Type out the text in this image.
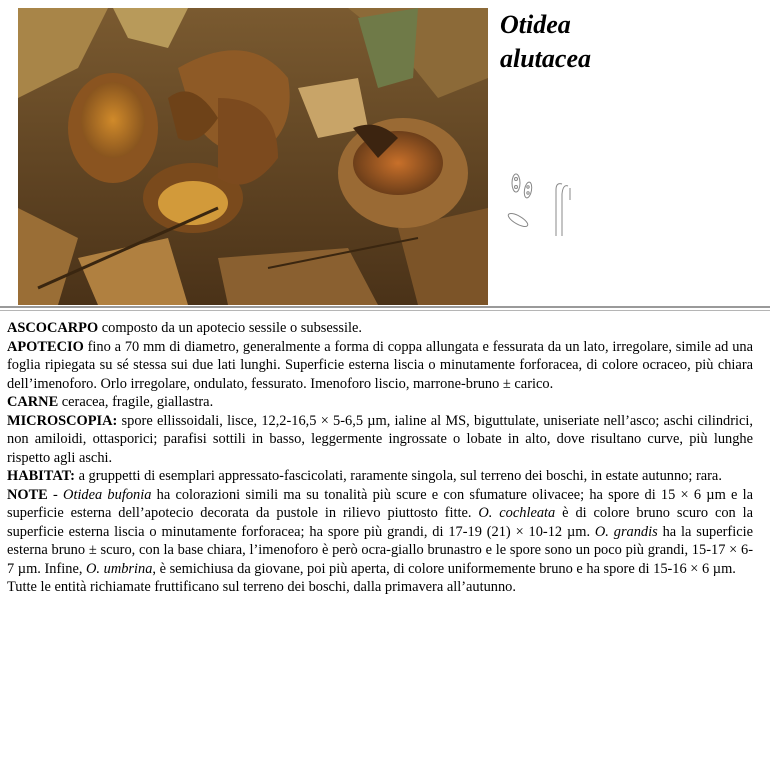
Otidea
alutacea

ASCOCARPO composto da un apotecio sessile o subsessile.

APOTECIO fino a 70 mm di diametro, generalmente a forma di coppa allungata e fessurata da un lato, irregolare, simile ad una foglia ripiegata su sé stessa sui due lati lunghi. Superficie esterna liscia o minutamente forforacea, di colore ocraceo, più chiara dell’imenoforo. Orlo irregolare, ondulato, fessurato. Imenoforo liscio, marrone-bruno ± carico.

CARNE ceracea, fragile, giallastra.

MICROSCOPIA: spore ellissoidali, lisce, 12,2-16,5 × 5-6,5 µm, ialine al MS, biguttulate, uniseriate nell’asco; aschi cilindrici, non amiloidi, ottasporici; parafisi sottili in basso, leggermente ingrossate o lobate in alto, dove risultano curve, più lunghe rispetto agli aschi.

HABITAT: a gruppetti di esemplari appressato-fascicolati, raramente singola, sul terreno dei boschi, in estate autunno; rara.

NOTE - Otidea bufonia ha colorazioni simili ma su tonalità più scure e con sfumature olivacee; ha spore di 15 × 6 µm e la superficie esterna dell’apotecio decorata da pustole in rilievo piuttosto fitte. O. cochleata è di colore bruno scuro con la superficie esterna liscia o minutamente forforacea; ha spore più grandi, di 17-19 (21) × 10-12 µm. O. grandis ha la superficie esterna bruno ± scuro, con la base chiara, l’imenoforo è però ocra-giallo brunastro e le spore sono un poco più grandi, 15-17 × 6-7 µm. Infine, O. umbrina, è semichiusa da giovane, poi più aperta, di colore uniformemente bruno e ha spore di 15-16 × 6 µm.

Tutte le entità richiamate fruttificano sul terreno dei boschi, dalla primavera all’autunno.
